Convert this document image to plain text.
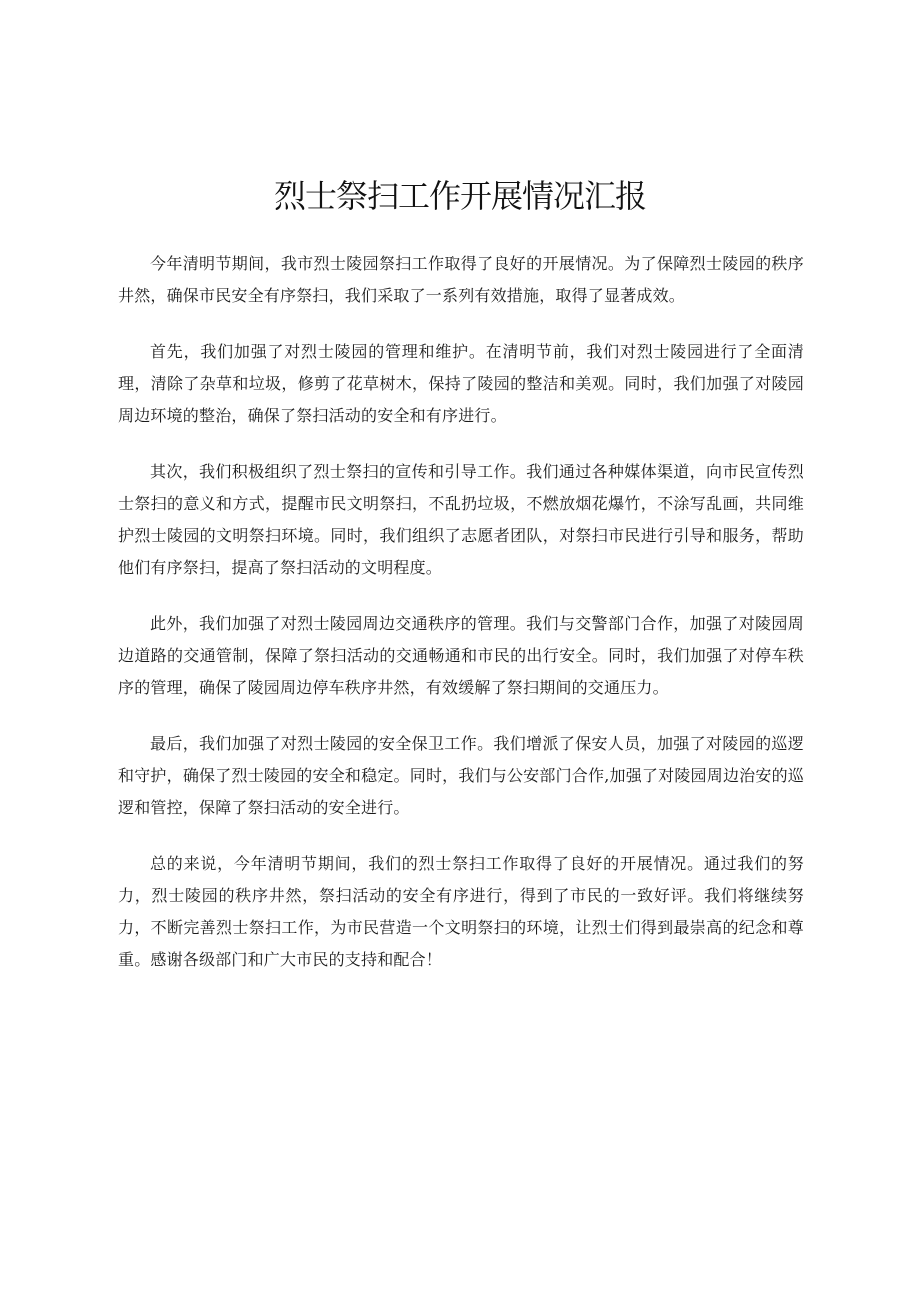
烈士祭扫工作开展情况汇报

今年清明节期间，我市烈士陵园祭扫工作取得了良好的开展情况。为了保障烈士陵园的秩序井然，确保市民安全有序祭扫，我们采取了一系列有效措施，取得了显著成效。

首先，我们加强了对烈士陵园的管理和维护。在清明节前，我们对烈士陵园进行了全面清理，清除了杂草和垃圾，修剪了花草树木，保持了陵园的整洁和美观。同时，我们加强了对陵园周边环境的整治，确保了祭扫活动的安全和有序进行。

其次，我们积极组织了烈士祭扫的宣传和引导工作。我们通过各种媒体渠道，向市民宣传烈士祭扫的意义和方式，提醒市民文明祭扫，不乱扔垃圾，不燃放烟花爆竹，不涂写乱画，共同维护烈士陵园的文明祭扫环境。同时，我们组织了志愿者团队，对祭扫市民进行引导和服务，帮助他们有序祭扫，提高了祭扫活动的文明程度。

此外，我们加强了对烈士陵园周边交通秩序的管理。我们与交警部门合作，加强了对陵园周边道路的交通管制，保障了祭扫活动的交通畅通和市民的出行安全。同时，我们加强了对停车秩序的管理，确保了陵园周边停车秩序井然，有效缓解了祭扫期间的交通压力。

最后，我们加强了对烈士陵园的安全保卫工作。我们增派了保安人员，加强了对陵园的巡逻和守护，确保了烈士陵园的安全和稳定。同时，我们与公安部门合作,加强了对陵园周边治安的巡逻和管控，保障了祭扫活动的安全进行。

总的来说，今年清明节期间，我们的烈士祭扫工作取得了良好的开展情况。通过我们的努力，烈士陵园的秩序井然，祭扫活动的安全有序进行，得到了市民的一致好评。我们将继续努力，不断完善烈士祭扫工作，为市民营造一个文明祭扫的环境，让烈士们得到最崇高的纪念和尊重。感谢各级部门和广大市民的支持和配合！
